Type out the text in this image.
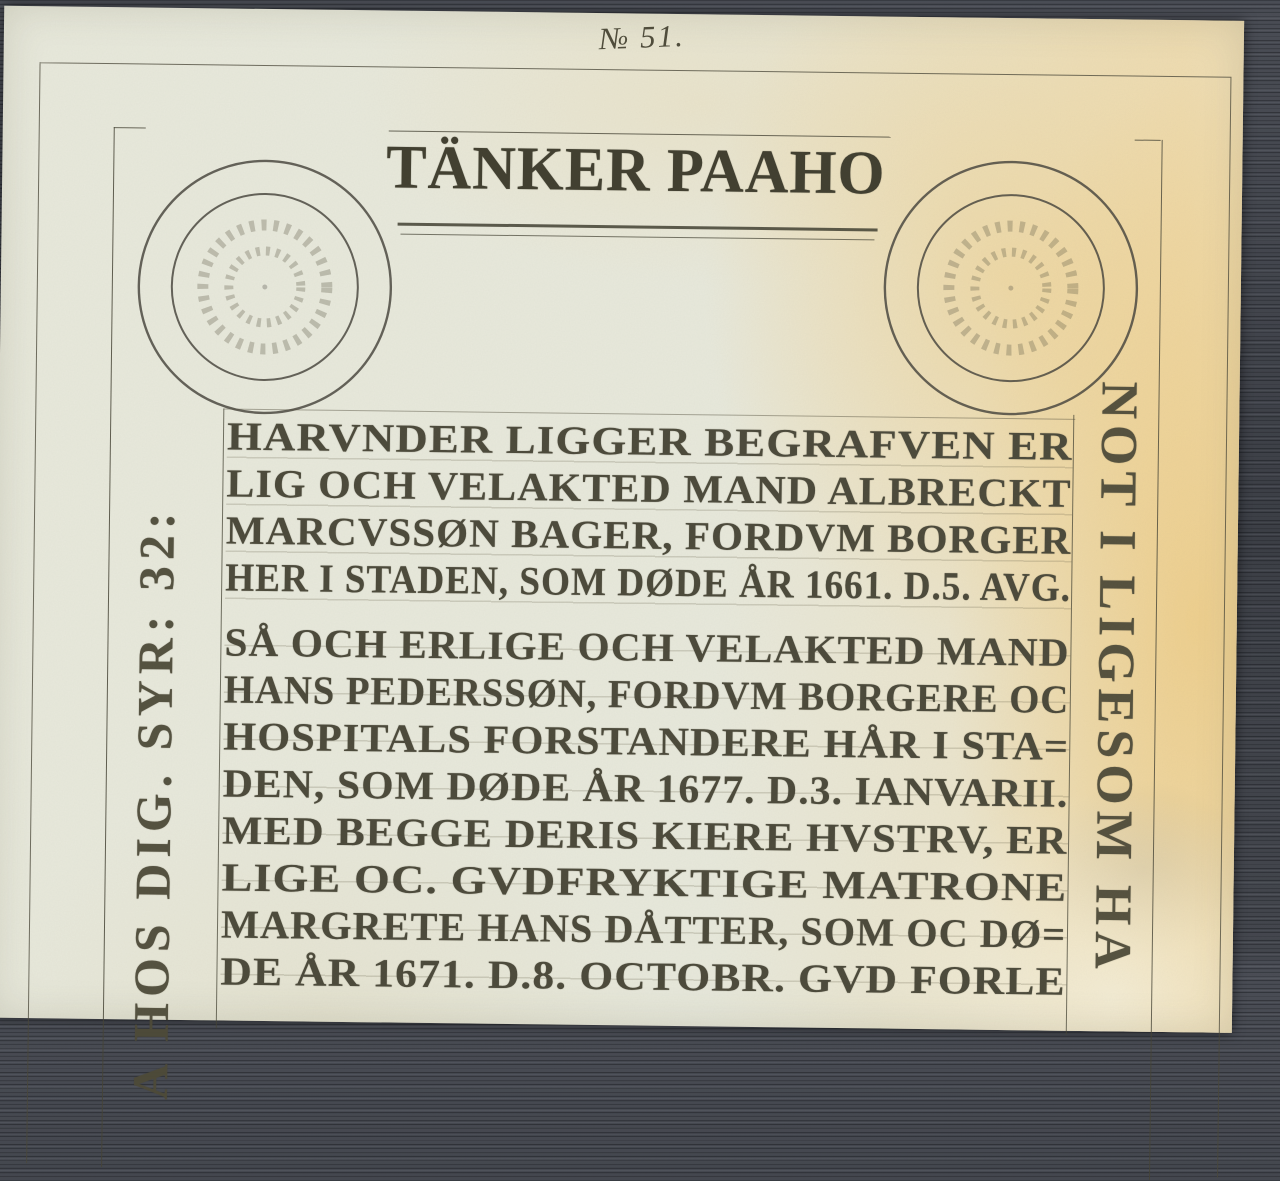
№ 51.
TÄNKER PAAHO
A HOS DIG. SYR: 32:	NOT I LIGESOM HA
HARVNDER LIGGER BEGRAFVEN ER
LIG OCH VELAKTED MAND ALBRECKT
MARCVSSØN BAGER, FORDVM BORGER
HER I STADEN, SOM DØDE ÅR 1661. D.5. AVG.
SÅ OCH ERLIGE OCH VELAKTED MAND
HANS PEDERSSØN, FORDVM BORGERE OC
HOSPITALS FORSTANDERE HÅR I STA=
DEN, SOM DØDE ÅR 1677. D.3. IANVARII.
MED BEGGE DERIS KIERE HVSTRV, ER
LIGE OC. GVDFRYKTIGE MATRONE
MARGRETE HANS DÅTTER, SOM OC DØ=
DE ÅR 1671. D.8. OCTOBR. GVD FORLE
